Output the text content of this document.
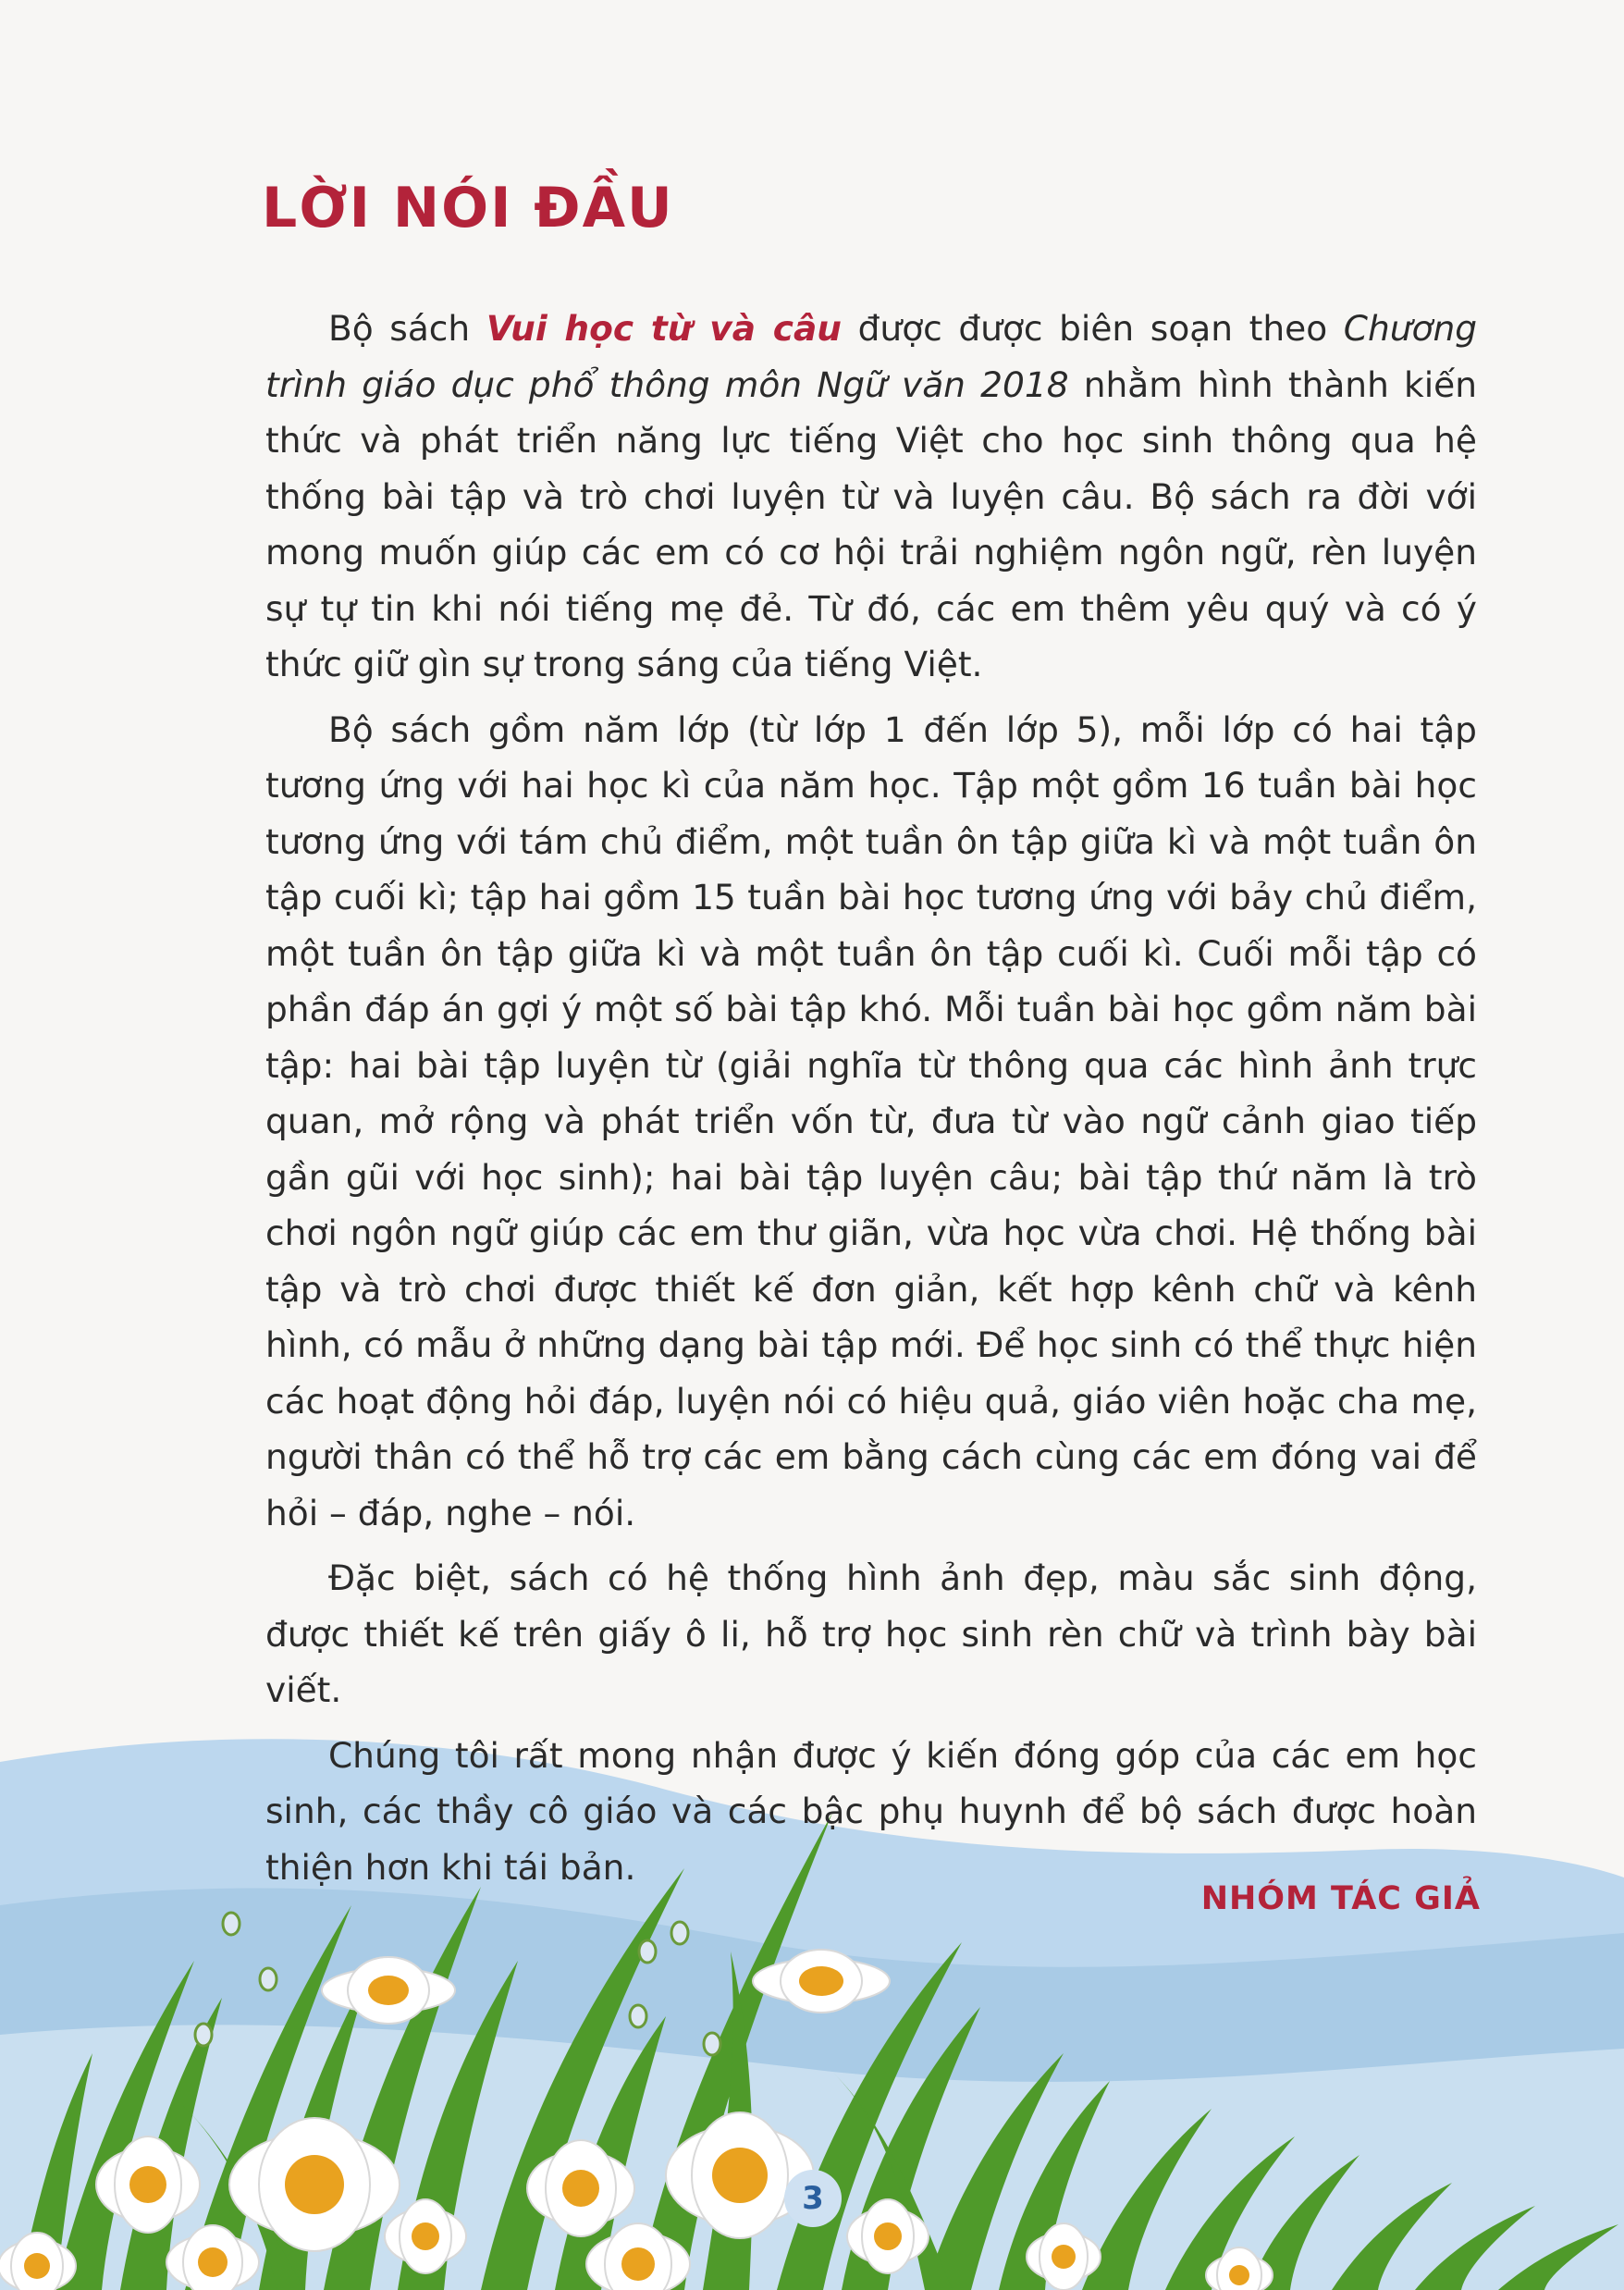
LỜI NÓI ĐẦU

Bộ sách Vui học từ và câu được được biên soạn theo Chương trình giáo dục phổ thông môn Ngữ văn 2018 nhằm hình thành kiến thức và phát triển năng lực tiếng Việt cho học sinh thông qua hệ thống bài tập và trò chơi luyện từ và luyện câu. Bộ sách ra đời với mong muốn giúp các em có cơ hội trải nghiệm ngôn ngữ, rèn luyện sự tự tin khi nói tiếng mẹ đẻ. Từ đó, các em thêm yêu quý và có ý thức giữ gìn sự trong sáng của tiếng Việt.

Bộ sách gồm năm lớp (từ lớp 1 đến lớp 5), mỗi lớp có hai tập tương ứng với hai học kì của năm học. Tập một gồm 16 tuần bài học tương ứng với tám chủ điểm, một tuần ôn tập giữa kì và một tuần ôn tập cuối kì; tập hai gồm 15 tuần bài học tương ứng với bảy chủ điểm, một tuần ôn tập giữa kì và một tuần ôn tập cuối kì. Cuối mỗi tập có phần đáp án gợi ý một số bài tập khó. Mỗi tuần bài học gồm năm bài tập: hai bài tập luyện từ (giải nghĩa từ thông qua các hình ảnh trực quan, mở rộng và phát triển vốn từ, đưa từ vào ngữ cảnh giao tiếp gần gũi với học sinh); hai bài tập luyện câu; bài tập thứ năm là trò chơi ngôn ngữ giúp các em thư giãn, vừa học vừa chơi. Hệ thống bài tập và trò chơi được thiết kế đơn giản, kết hợp kênh chữ và kênh hình, có mẫu ở những dạng bài tập mới. Để học sinh có thể thực hiện các hoạt động hỏi đáp, luyện nói có hiệu quả, giáo viên hoặc cha mẹ, người thân có thể hỗ trợ các em bằng cách cùng các em đóng vai để hỏi – đáp, nghe – nói.

Đặc biệt, sách có hệ thống hình ảnh đẹp, màu sắc sinh động, được thiết kế trên giấy ô li, hỗ trợ học sinh rèn chữ và trình bày bài viết.

Chúng tôi rất mong nhận được ý kiến đóng góp của các em học sinh, các thầy cô giáo và các bậc phụ huynh để bộ sách được hoàn thiện hơn khi tái bản.

NHÓM TÁC GIẢ
3
